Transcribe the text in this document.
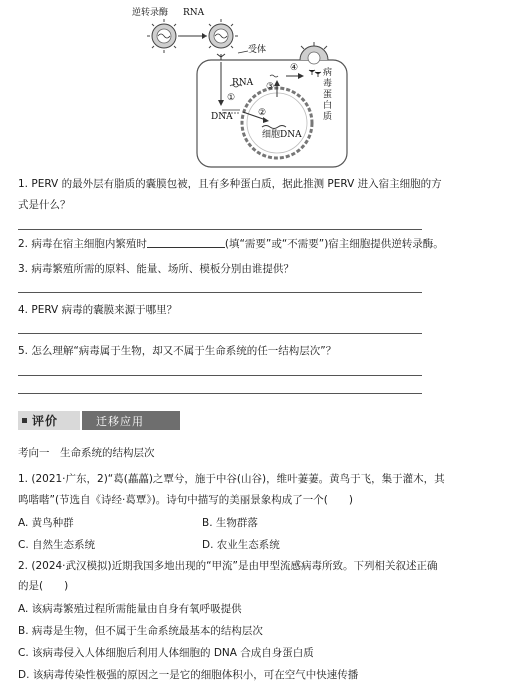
逆转录酶 RNA
受体
RNA
①
DNA	②
细胞DNA
③
④	病毒蛋白质
1. PERV 的最外层有脂质的囊膜包被，且有多种蛋白质，据此推测 PERV 进入宿主细胞的方
式是什么？
2. 病毒在宿主细胞内繁殖时	(填“需要”或“不需要”)宿主细胞提供逆转录酶。
3. 病毒繁殖所需的原料、能量、场所、模板分别由谁提供？
4. PERV 病毒的囊膜来源于哪里？
5. 怎么理解“病毒属于生物，却又不属于生命系统的任一结构层次”？
评价	迁移应用
考向一　生命系统的结构层次
1. (2021·广东，2)“葛(藟藟)之覃兮，施于中谷(山谷)，维叶萋萋。黄鸟于飞，集于灌木，其
鸣喈喈”(节选自《诗经·葛覃》)。诗句中描写的美丽景象构成了一个(　　)
A. 黄鸟种群	B. 生物群落
C. 自然生态系统	D. 农业生态系统
2. (2024·武汉模拟)近期我国多地出现的“甲流”是由甲型流感病毒所致。下列相关叙述正确
的是(　　)
A. 该病毒繁殖过程所需能量由自身有氧呼吸提供
B. 病毒是生物，但不属于生命系统最基本的结构层次
C. 该病毒侵入人体细胞后利用人体细胞的 DNA 合成自身蛋白质
D. 该病毒传染性极强的原因之一是它的细胞体积小，可在空气中快速传播
